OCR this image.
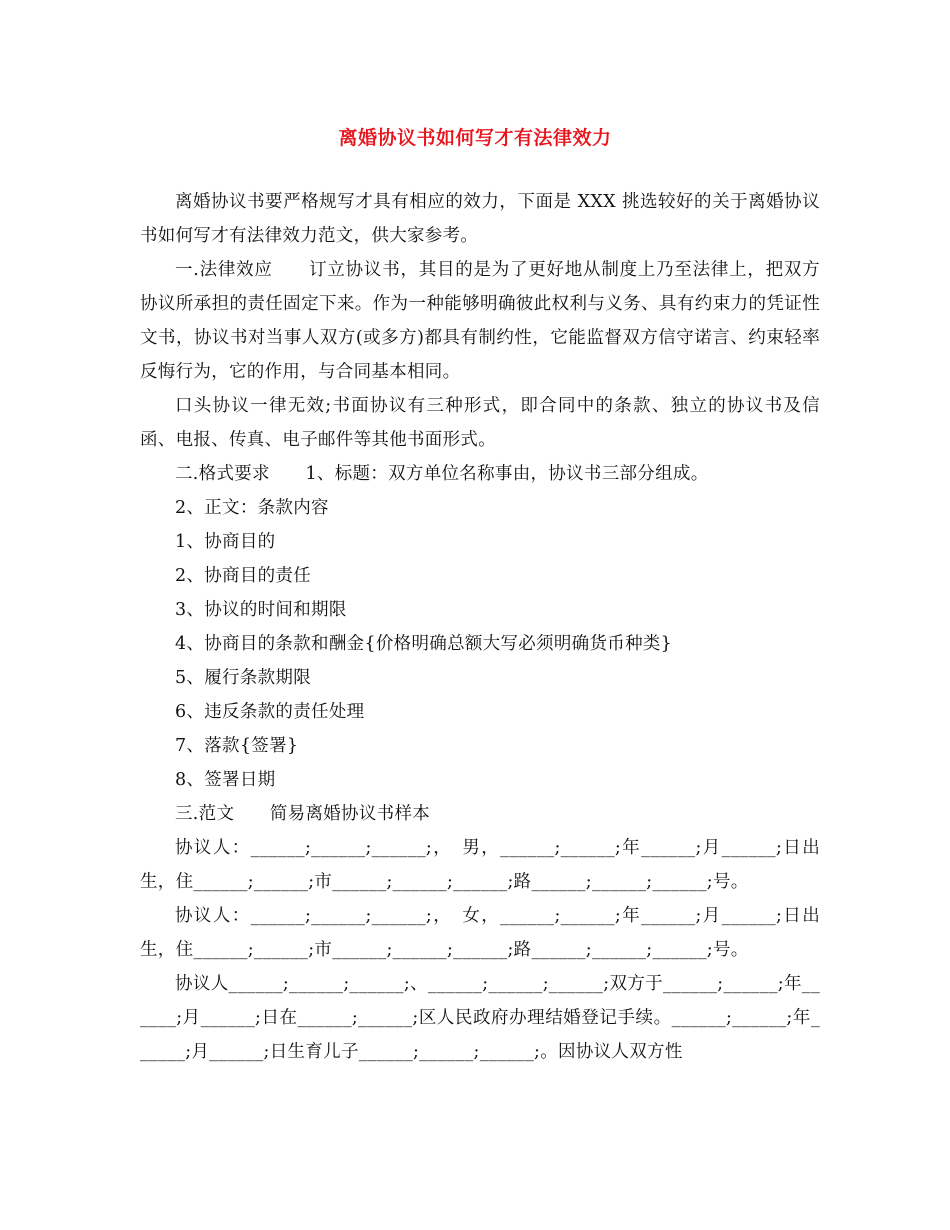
离婚协议书如何写才有法律效力

离婚协议书要严格规写才具有相应的效力，下面是 XXX 挑选较好的关于离婚协议书如何写才有法律效力范文，供大家参考。

一.法律效应　　订立协议书，其目的是为了更好地从制度上乃至法律上，把双方协议所承担的责任固定下来。作为一种能够明确彼此权利与义务、具有约束力的凭证性文书，协议书对当事人双方(或多方)都具有制约性，它能监督双方信守诺言、约束轻率反悔行为，它的作用，与合同基本相同。

口头协议一律无效;书面协议有三种形式，即合同中的条款、独立的协议书及信函、电报、传真、电子邮件等其他书面形式。

二.格式要求　　1、标题：双方单位名称事由，协议书三部分组成。

2、正文：条款内容

1、协商目的

2、协商目的责任

3、协议的时间和期限

4、协商目的条款和酬金{价格明确总额大写必须明确货币种类}

5、履行条款期限

6、违反条款的责任处理

7、落款{签署}

8、签署日期

三.范文　　简易离婚协议书样本

协议人：______;______;______;，　男，______;______;年______;月______;日出生，住______;______;市______;______;______;路______;______;______;号。

协议人：______;______;______;，　女，______;______;年______;月______;日出生，住______;______;市______;______;______;路______;______;______;号。

协议人______;______;______;、______;______;______;双方于______;______;年______;月______;日在______;______;区人民政府办理结婚登记手续。______;______;年______;月______;日生育儿子______;______;______;。因协议人双方性
